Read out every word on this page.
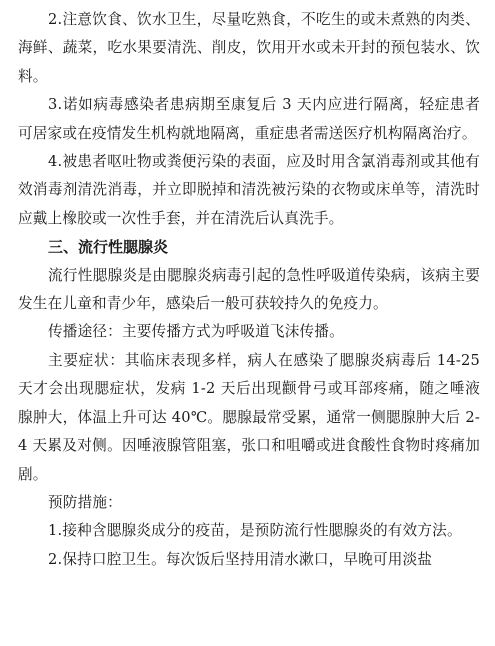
2.注意饮食、饮水卫生，尽量吃熟食，不吃生的或未煮熟的肉类、海鲜、蔬菜，吃水果要清洗、削皮，饮用开水或未开封的预包装水、饮料。

3.诺如病毒感染者患病期至康复后 3 天内应进行隔离，轻症患者可居家或在疫情发生机构就地隔离，重症患者需送医疗机构隔离治疗。

4.被患者呕吐物或粪便污染的表面，应及时用含氯消毒剂或其他有效消毒剂清洗消毒，并立即脱掉和清洗被污染的衣物或床单等，清洗时应戴上橡胶或一次性手套，并在清洗后认真洗手。

三、流行性腮腺炎

流行性腮腺炎是由腮腺炎病毒引起的急性呼吸道传染病，该病主要发生在儿童和青少年，感染后一般可获较持久的免疫力。

传播途径：主要传播方式为呼吸道飞沫传播。

主要症状：其临床表现多样，病人在感染了腮腺炎病毒后 14-25 天才会出现腮症状，发病 1-2 天后出现颧骨弓或耳部疼痛，随之唾液腺肿大，体温上升可达 40℃。腮腺最常受累，通常一侧腮腺肿大后 2-4 天累及对侧。因唾液腺管阻塞，张口和咀嚼或进食酸性食物时疼痛加剧。

预防措施：

1.接种含腮腺炎成分的疫苗，是预防流行性腮腺炎的有效方法。

2.保持口腔卫生。每次饭后坚持用清水漱口，早晚可用淡盐
